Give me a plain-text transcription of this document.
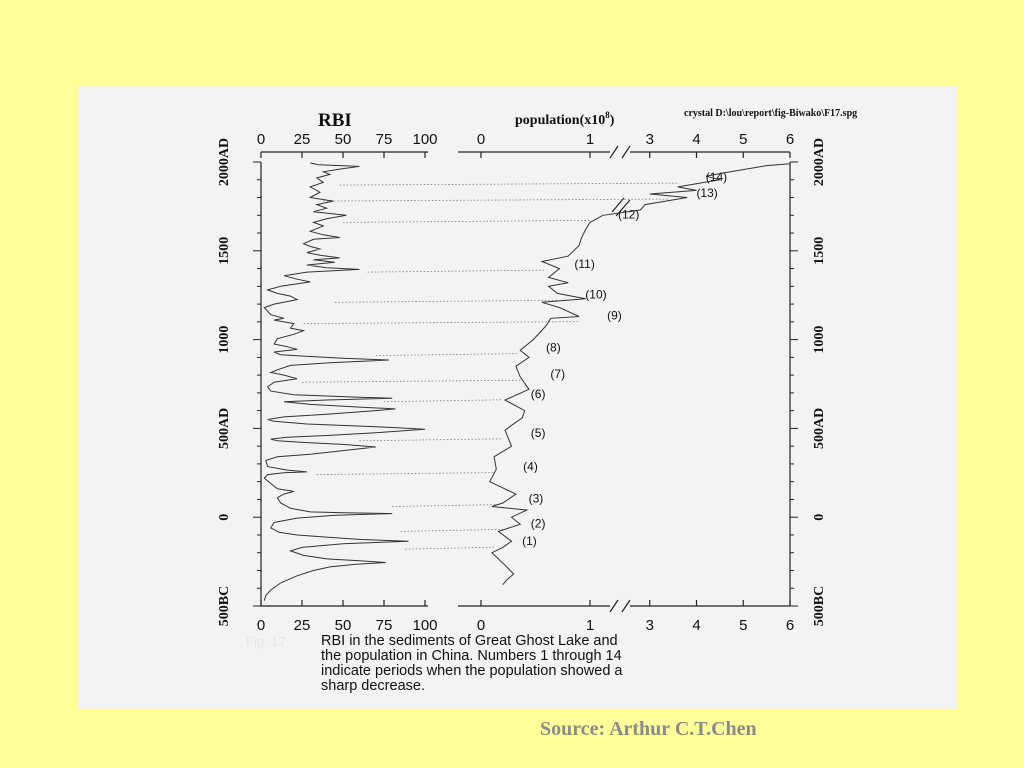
0
0
25
25
50
50
75
75
100
100
0
0
1
1
3
3
4
4
5
5
6
6
2000AD	2000AD
1500	1500
1000	1000
500AD	500AD
0	0
500BC	500BC
(1)
(2)
(3)
(4)
(5)
(6)
(7)
(8)
(9)
(10)
(11)
(12)
(13)
(14)
RBI	$population(x10^8)$	crystal D:\lou\report\fig-Biwako\F17.spg
Fig. 17 RBI in the sediments of Great Ghost Lake and
the population in China. Numbers 1 through 14
indicate periods when the population showed a
sharp decrease.
Source: Arthur C.T.Chen
